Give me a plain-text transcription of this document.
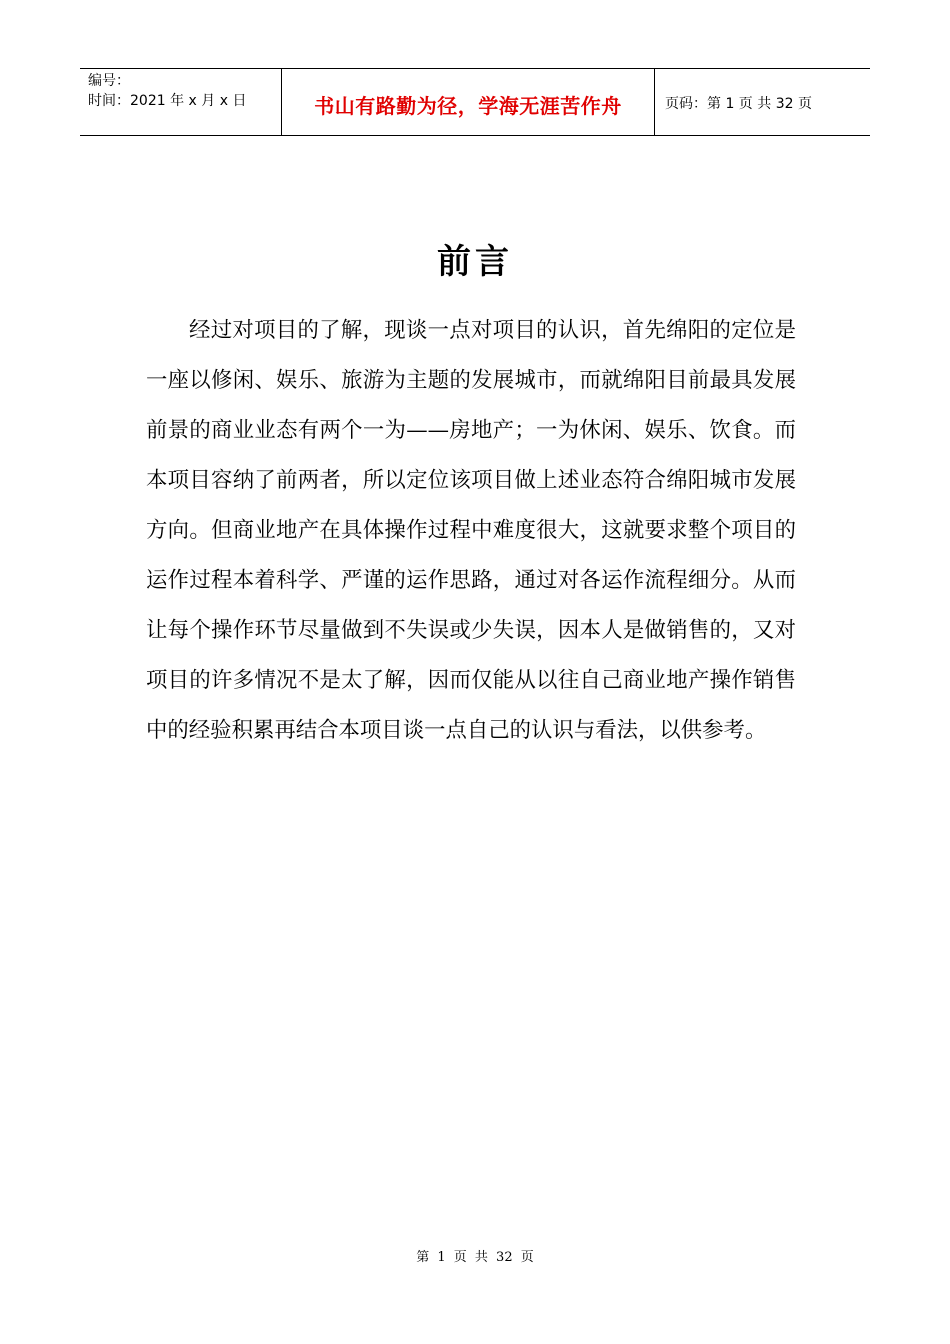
编号：
时间：2021 年 x 月 x 日	书山有路勤为径，学海无涯苦作舟	页码：第 1 页 共 32 页
前言

经过对项目的了解，现谈一点对项目的认识，首先绵阳的定位是一座以修闲、娱乐、旅游为主题的发展城市，而就绵阳目前最具发展前景的商业业态有两个一为——房地产；一为休闲、娱乐、饮食。而本项目容纳了前两者，所以定位该项目做上述业态符合绵阳城市发展方向。但商业地产在具体操作过程中难度很大，这就要求整个项目的运作过程本着科学、严谨的运作思路，通过对各运作流程细分。从而让每个操作环节尽量做到不失误或少失误，因本人是做销售的，又对项目的许多情况不是太了解，因而仅能从以往自己商业地产操作销售中的经验积累再结合本项目谈一点自己的认识与看法，以供参考。

第 1 页 共 32 页
